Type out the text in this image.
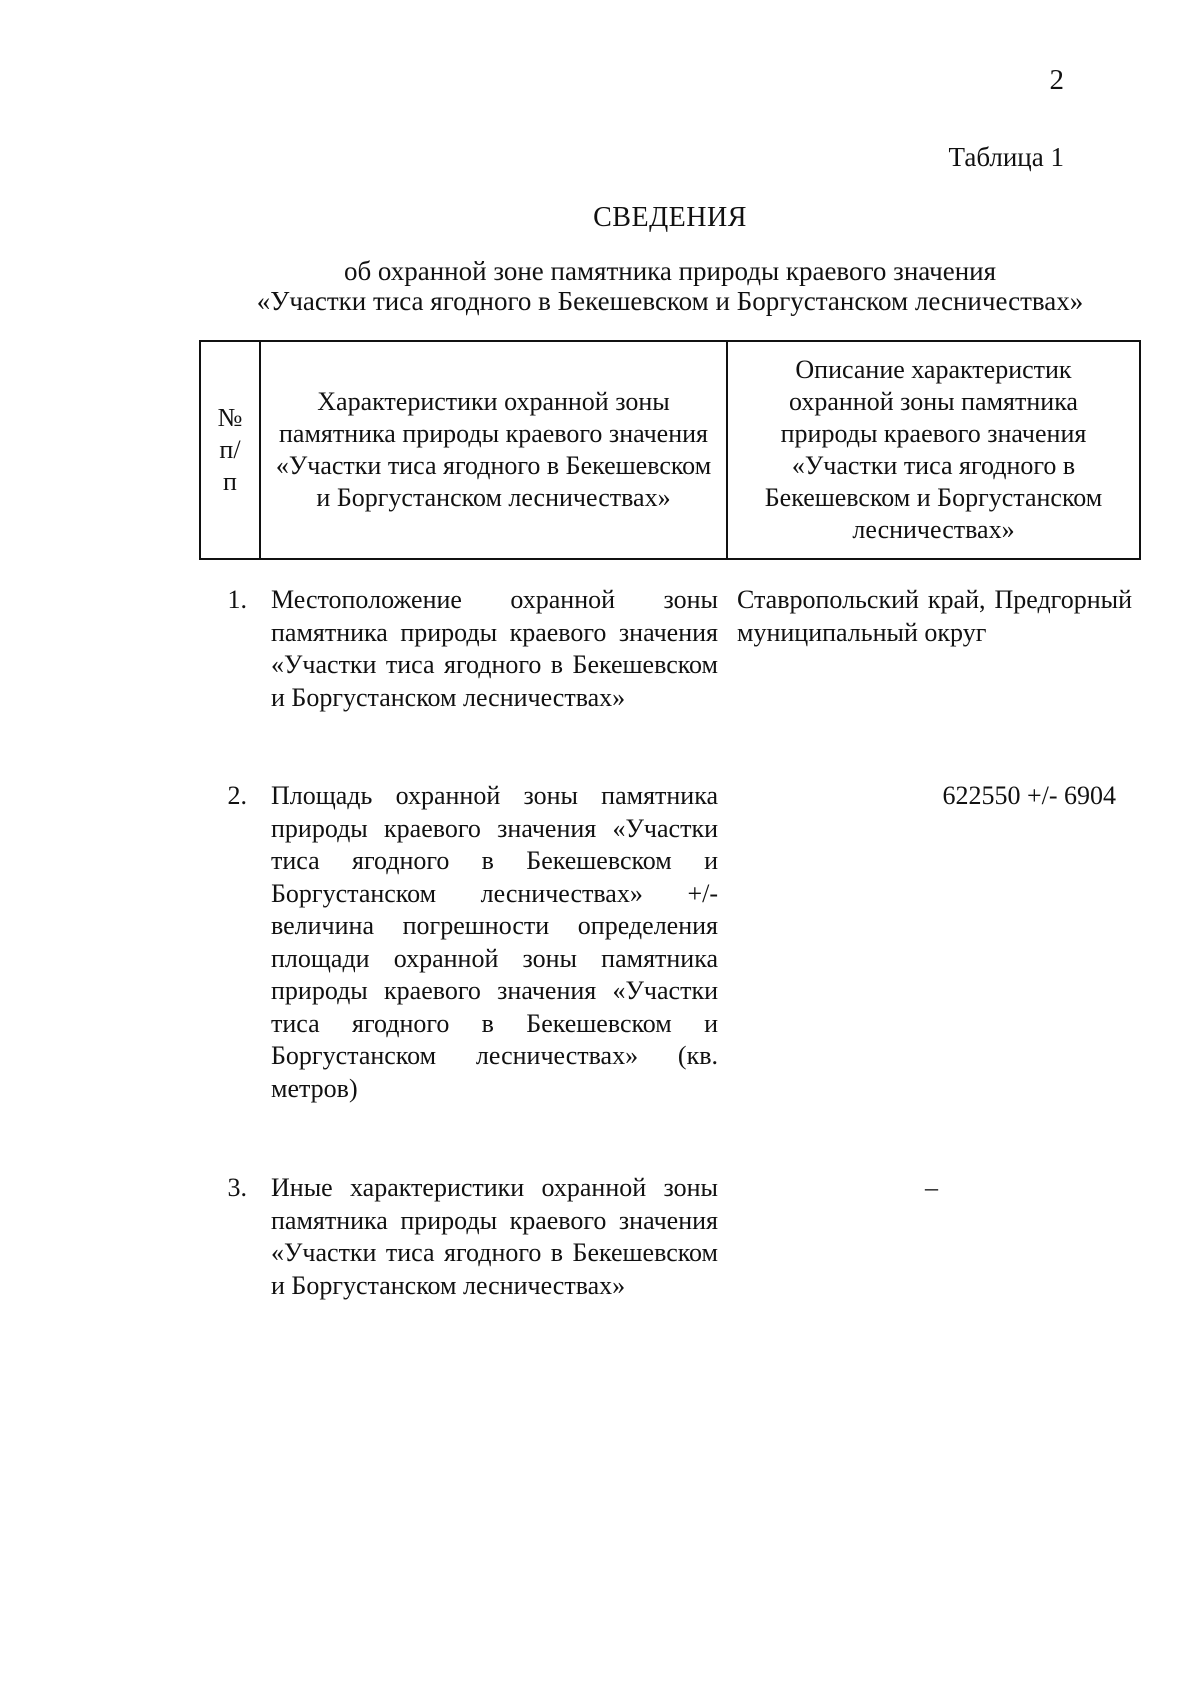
2
Таблица 1
СВЕДЕНИЯ
об охранной зоне памятника природы краевого значения
«Участки тиса ягодного в Бекешевском и Боргустанском лесничествах»
№ п/п
Характеристики охранной зоны памятника природы краевого значения «Участки тиса ягодного в Бекешевском и Боргустанском лесничествах»
Описание характеристик охранной зоны памятника природы краевого значения «Участки тиса ягодного в Бекешевском и Боргустанском лесничествах»
1. Местоположение охранной зоны памятника природы краевого значения «Участки тиса ягодного в Бекешевском и Боргустанском лесничествах»
Ставропольский край, Предгорный муниципальный округ
2. Площадь охранной зоны памятника природы краевого значения «Участки тиса ягодного в Бекешевском и Боргустанском лесничествах» +/- величина погрешности определения площади охранной зоны памятника природы краевого значения «Участки тиса ягодного в Бекешевском и Боргустанском лесничествах» (кв. метров)
622550 +/- 6904
3. Иные характеристики охранной зоны памятника природы краевого значения «Участки тиса ягодного в Бекешевском и Боргустанском лесничествах»
–
